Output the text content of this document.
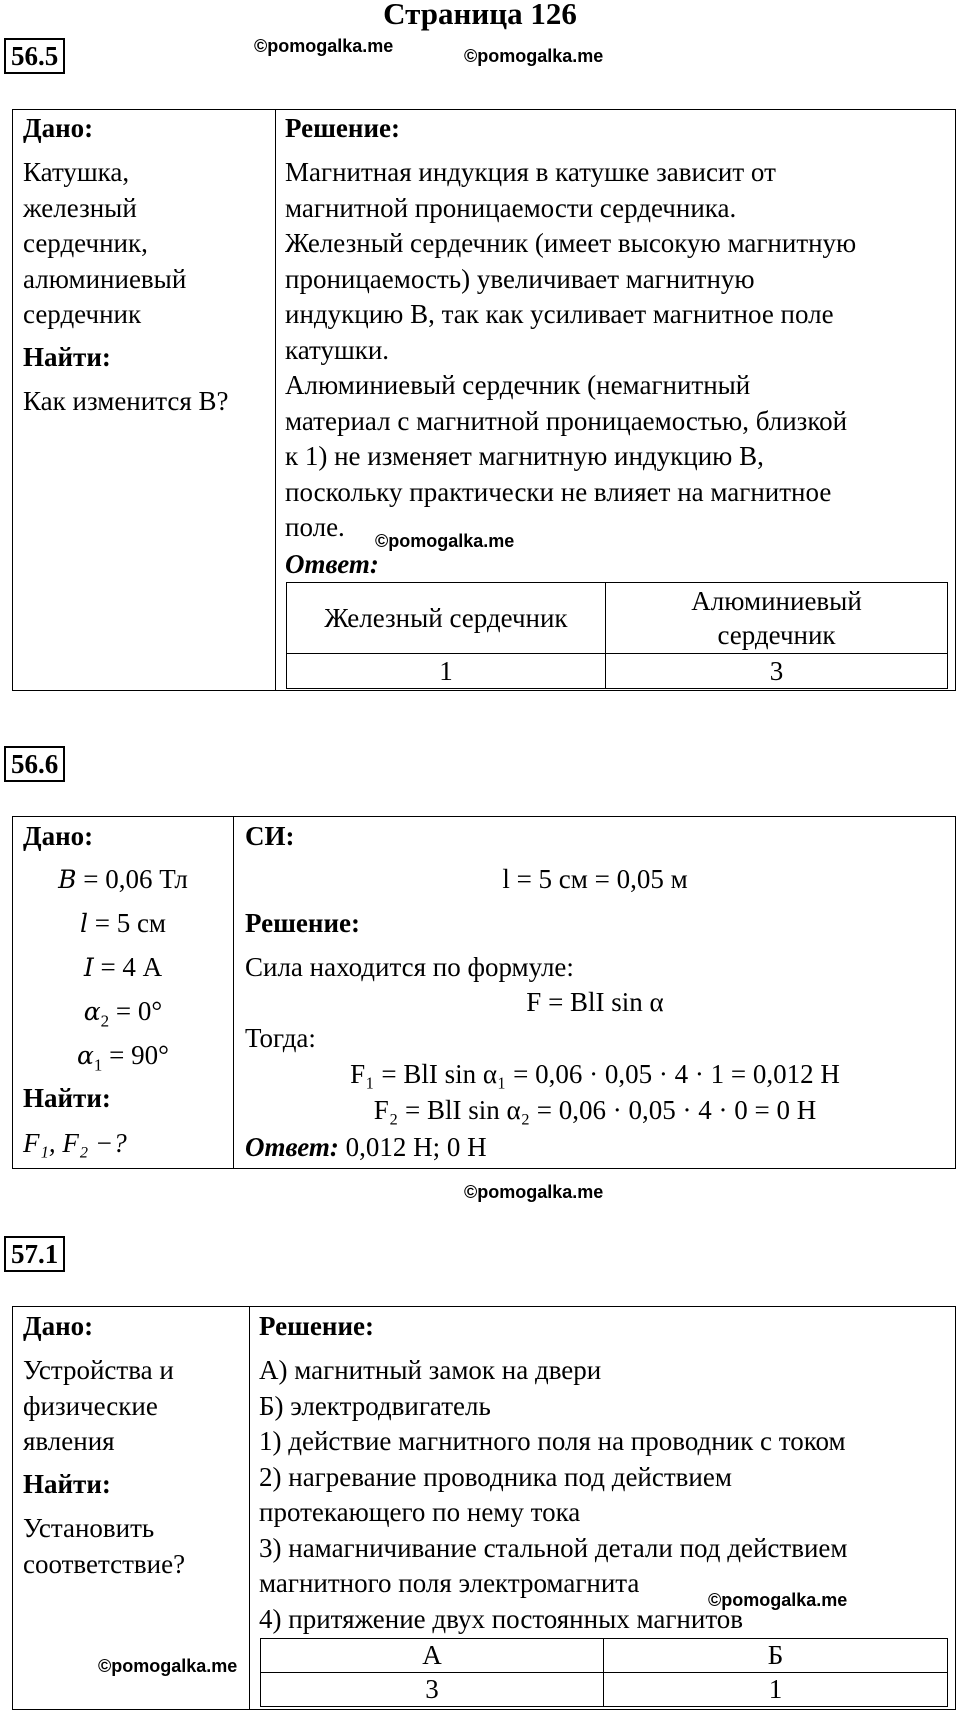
Страница 126
©pomogalka.me	©pomogalka.me
56.5
Дано:
Катушка,
железный
сердечник,
алюминиевый
сердечник
Найти:
Как изменится B?
Решение:
Магнитная индукция в катушке зависит от
магнитной проницаемости сердечника.
Железный сердечник (имеет высокую магнитную
проницаемость) увеличивает магнитную
индукцию B, так как усиливает магнитное поле
катушки.
Алюминиевый сердечник (немагнитный
материал с магнитной проницаемостью, близкой
к 1) не изменяет магнитную индукцию B,
поскольку практически не влияет на магнитное
поле.	©pomogalka.me
Ответ:
Железный сердечник	Алюминиевый сердечник
1	3
56.6
Дано:
B = 0,06 Тл
l = 5 см
I = 4 А
$\alpha_2 = 0^\circ$
$\alpha_1 = 90^\circ$
Найти:
F₁, F₂ −?
СИ:
l = 5 см = 0,05 м
Решение:
Сила находится по формуле:
F = BlI sin α
Тогда:
F₁ = BlI sin α₁ = 0,06 · 0,05 · 4 · 1 = 0,012 Н
F₂ = BlI sin α₂ = 0,06 · 0,05 · 4 · 0 = 0 Н
Ответ: 0,012 Н; 0 Н
©pomogalka.me
57.1
Дано:
Устройства и
физические
явления
Найти:
Установить
соответствие?
©pomogalka.me
Решение:
А) магнитный замок на двери
Б) электродвигатель
1) действие магнитного поля на проводник с током
2) нагревание проводника под действием
протекающего по нему тока
3) намагничивание стальной детали под действием
магнитного поля электромагнита
4) притяжение двух постоянных магнитов
©pomogalka.me
А	Б
3	1
